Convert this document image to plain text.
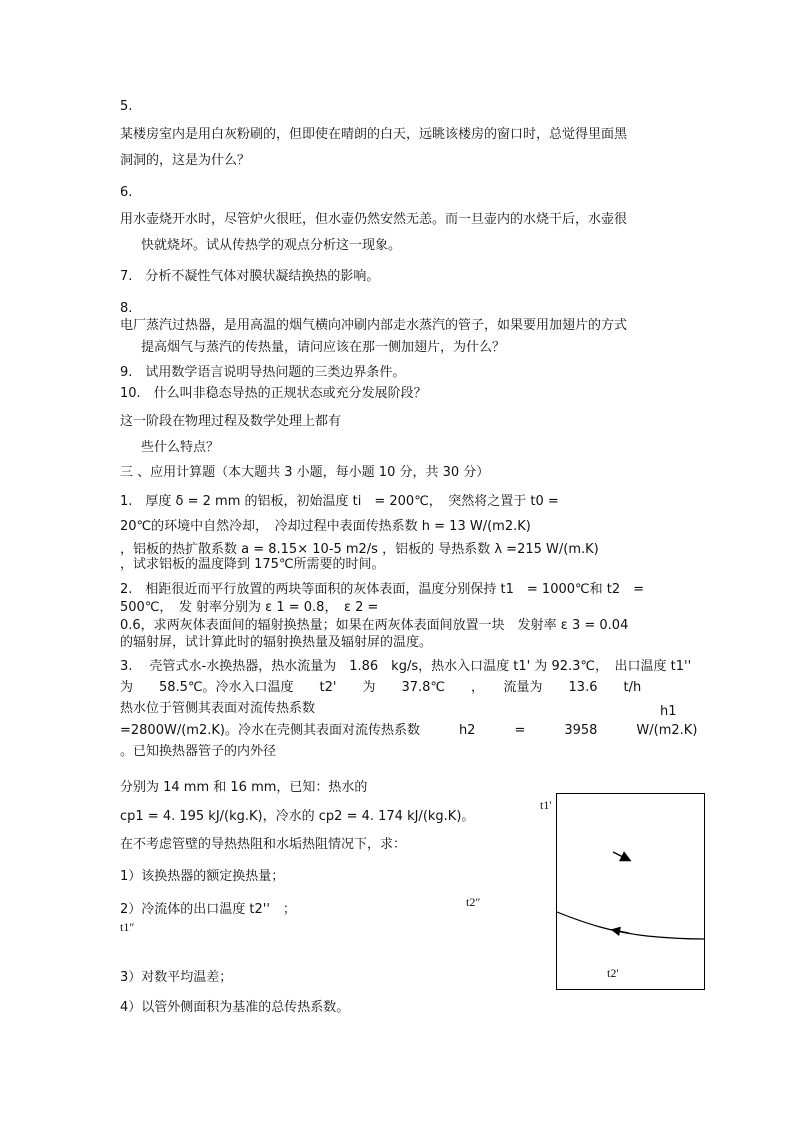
5.
某楼房室内是用白灰粉刷的，但即使在晴朗的白天，远眺该楼房的窗口时，总觉得里面黑
洞洞的，这是为什么？
6.
用水壶烧开水时，尽管炉火很旺，但水壶仍然安然无恙。而一旦壶内的水烧干后，水壶很
快就烧坏。试从传热学的观点分析这一现象。
7.　分析不凝性气体对膜状凝结换热的影响。
8.
电厂蒸汽过热器，是用高温的烟气横向冲刷内部走水蒸汽的管子，如果要用加翅片的方式
提高烟气与蒸汽的传热量，请问应该在那一侧加翅片，为什么？
9.　试用数学语言说明导热问题的三类边界条件。
10.　什么叫非稳态导热的正规状态或充分发展阶段？
这一阶段在物理过程及数学处理上都有
些什么特点？
三 、应用计算题（本大题共 3 小题，每小题 10 分，共 30 分）
1.　厚度 δ = 2 mm 的铝板，初始温度 ti　= 200℃，　突然将之置于 t0 =
20℃的环境中自然冷却，　冷却过程中表面传热系数 h = 13 W/(m2.K)
，铝板的热扩散系数 a = 8.15× 10-5 m2/s ，铝板的 导热系数 λ =215 W/(m.K)
，试求铝板的温度降到 175℃所需要的时间。
2.　相距很近而平行放置的两块等面积的灰体表面，温度分别保持 t1　= 1000℃和 t2　=
500℃，　发 射率分别为 ε 1 = 0.8，　ε 2 =
0.6，求两灰体表面间的辐射换热量；如果在两灰体表面间放置一块　发射率 ε 3 = 0.04
的辐射屏，试计算此时的辐射换热量及辐射屏的温度。
3.　 壳管式水-水换热器，热水流量为　1.86　kg/s，热水入口温度 t1' 为 92.3℃，　出口温度 t1''
为　　58.5℃。冷水入口温度　　t2'　　为　　37.8℃　　，　　流量为　　13.6　　t/h
热水位于管侧其表面对流传热系数	h1
=2800W/(m2.K)。冷水在壳侧其表面对流传热系数　　　h2　　　=　　　3958　　　W/(m2.K)
。已知换热器管子的内外径
分别为 14 mm 和 16 mm，已知：热水的
cp1 = 4. 195 kJ/(kg.K)，冷水的 cp2 = 4. 174 kJ/(kg.K)。
在不考虑管壁的导热热阻和水垢热阻情况下，求：
1）该换热器的额定换热量；
2）冷流体的出口温度 t2''　；
3）对数平均温差；
4）以管外侧面积为基准的总传热系数。
t1'
t1″
t2″
t2'
